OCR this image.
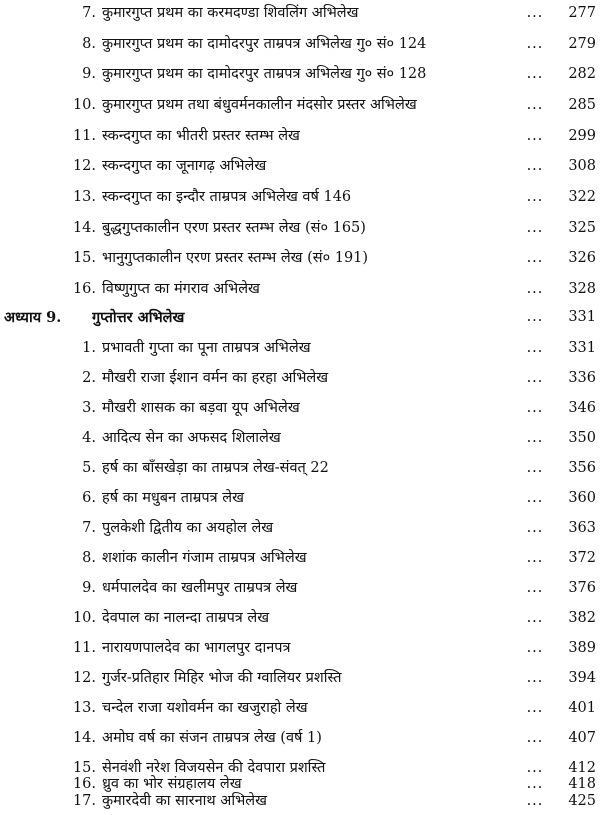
7. कुमारगुप्त प्रथम का करमदण्डा शिवलिंग अभिलेख	...	277
8. कुमारगुप्त प्रथम का दामोदरपुर ताम्रपत्र अभिलेख गु० सं० 124	...	279
9. कुमारगुप्त प्रथम का दामोदरपुर ताम्रपत्र अभिलेख गु० सं० 128	...	282
10. कुमारगुप्त प्रथम तथा बंधुवर्मनकालीन मंदसोर प्रस्तर अभिलेख	...	285
11. स्कन्दगुप्त का भीतरी प्रस्तर स्तम्भ लेख	...	299
12. स्कन्दगुप्त का जूनागढ़ अभिलेख	...	308
13. स्कन्दगुप्त का इन्दौर ताम्रपत्र अभिलेख वर्ष 146	...	322
14. बुद्धगुप्तकालीन एरण प्रस्तर स्तम्भ लेख (सं० 165)	...	325
15. भानुगुप्तकालीन एरण प्रस्तर स्तम्भ लेख (सं० 191)	...	326
16. विष्णुगुप्त का मंगराव अभिलेख	...	328
अध्याय 9.	गुप्तोत्तर अभिलेख	...	331
1. प्रभावती गुप्ता का पूना ताम्रपत्र अभिलेख	...	331
2. मौखरी राजा ईशान वर्मन का हरहा अभिलेख	...	336
3. मौखरी शासक का बड़वा यूप अभिलेख	...	346
4. आदित्य सेन का अफसद शिलालेख	...	350
5. हर्ष का बाँसखेड़ा का ताम्रपत्र लेख-संवत् 22	...	356
6. हर्ष का मधुबन ताम्रपत्र लेख	...	360
7. पुलकेशी द्वितीय का अयहोल लेख	...	363
8. शशांक कालीन गंजाम ताम्रपत्र अभिलेख	...	372
9. धर्मपालदेव का खलीमपुर ताम्रपत्र लेख	...	376
10. देवपाल का नालन्दा ताम्रपत्र लेख	...	382
11. नारायणपालदेव का भागलपुर दानपत्र	...	389
12. गुर्जर-प्रतिहार मिहिर भोज की ग्वालियर प्रशस्ति	...	394
13. चन्देल राजा यशोवर्मन का खजुराहो लेख	...	401
14. अमोघ वर्ष का संजन ताम्रपत्र लेख (वर्ष 1)	...	407
15. सेनवंशी नरेश विजयसेन की देवपारा प्रशस्ति	...	412
16. ध्रुव का भोर संग्रहालय लेख	...	418
17. कुमारदेवी का सारनाथ अभिलेख	...	425
